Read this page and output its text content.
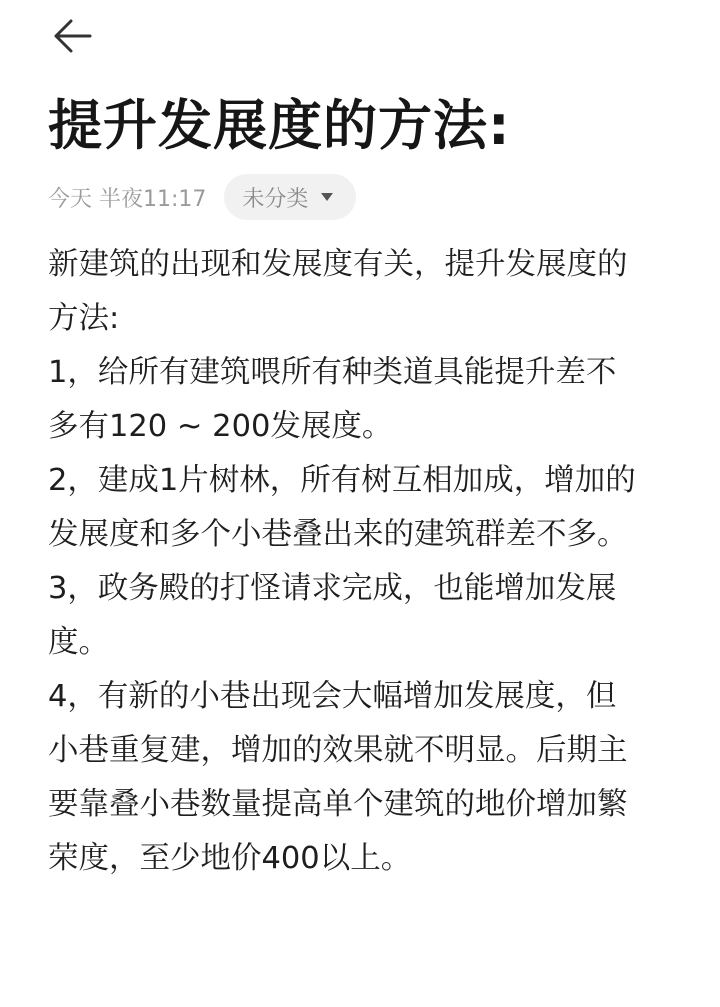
提升发展度的方法:
今天 半夜11:17 未分类

新建筑的出现和发展度有关，提升发展度的

方法:

1，给所有建筑喂所有种类道具能提升差不

多有120 ~ 200发展度。

2，建成1片树林，所有树互相加成，增加的

发展度和多个小巷叠出来的建筑群差不多。

3，政务殿的打怪请求完成，也能增加发展

度。

4，有新的小巷出现会大幅增加发展度，但

小巷重复建，增加的效果就不明显。后期主

要靠叠小巷数量提高单个建筑的地价增加繁

荣度，至少地价400以上。
